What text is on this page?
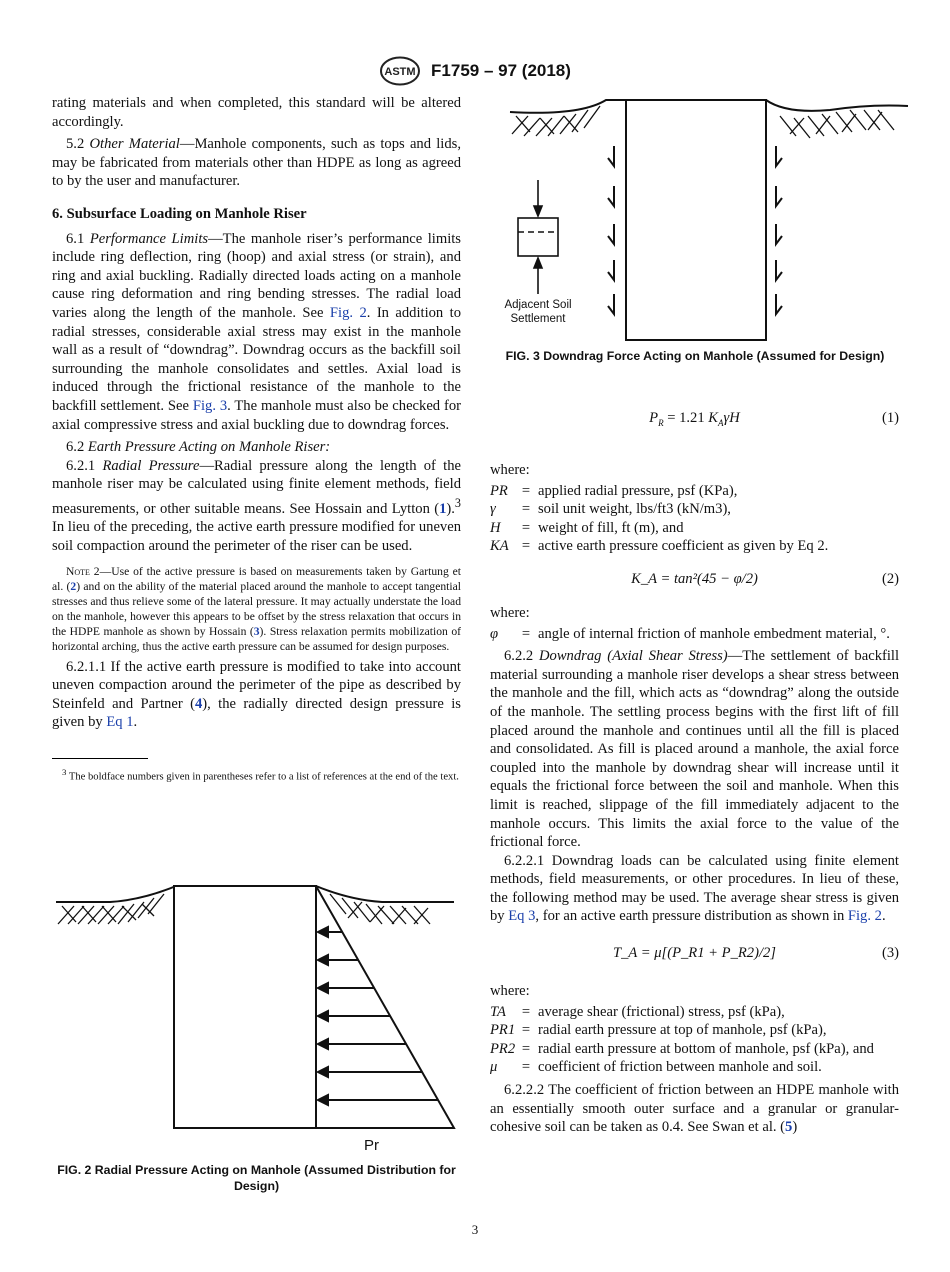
ASTM F1759 – 97 (2018)

rating materials and when completed, this standard will be altered accordingly.

5.2 Other Material—Manhole components, such as tops and lids, may be fabricated from materials other than HDPE as long as agreed to by the user and manufacturer.

6. Subsurface Loading on Manhole Riser

6.1 Performance Limits—The manhole riser’s performance limits include ring deflection, ring (hoop) and axial stress (or strain), and ring and axial buckling. Radially directed loads acting on a manhole cause ring deformation and ring bending stresses. The radial load varies along the length of the manhole. See Fig. 2. In addition to radial stresses, considerable axial stress may exist in the manhole wall as a result of “downdrag”. Downdrag occurs as the backfill soil surrounding the manhole consolidates and settles. Axial load is induced through the frictional resistance of the manhole to the backfill settlement. See Fig. 3. The manhole must also be checked for axial compressive stress and axial buckling due to downdrag forces.

6.2 Earth Pressure Acting on Manhole Riser:

6.2.1 Radial Pressure—Radial pressure along the length of the manhole riser may be calculated using finite element methods, field measurements, or other suitable means. See Hossain and Lytton (1).$^3$ In lieu of the preceding, the active earth pressure modified for uneven soil compaction around the perimeter of the riser can be used.

Note 2—Use of the active pressure is based on measurements taken by Gartung et al. (2) and on the ability of the material placed around the manhole to accept tangential stresses and thus relieve some of the lateral pressure. It may actually understate the load on the manhole, however this appears to be offset by the stress relaxation that occurs in the HDPE manhole as shown by Hossain (3). Stress relaxation permits mobilization of horizontal arching, thus the active earth pressure can be assumed for design purposes.

6.2.1.1 If the active earth pressure is modified to take into account uneven compaction around the perimeter of the pipe as described by Steinfeld and Partner (4), the radially directed design pressure is given by Eq 1.

$^3$ The boldface numbers given in parentheses refer to a list of references at the end of the text.

Pr
FIG. 2 Radial Pressure Acting on Manhole (Assumed Distribution for Design)
Adjacent Soil
Settlement
FIG. 3 Downdrag Force Acting on Manhole (Assumed for Design)
$P_R = 1.21$ $K_A\gamma H$	(1)

where:

PR = applied radial pressure, psf (KPa),
γ	= soil unit weight, lbs/ft3 (kN/m3),
H	= weight of fill, ft (m), and
KA = active earth pressure coefficient as given by Eq 2.
K_A = tan²(45 − φ/2)	(2)

where:

φ	= angle of internal friction of manhole embedment material, °.

6.2.2 Downdrag (Axial Shear Stress)—The settlement of backfill material surrounding a manhole riser develops a shear stress between the manhole and the fill, which acts as “downdrag” along the outside of the manhole. The settling process begins with the first lift of fill placed around the manhole and continues until all the fill is placed and consolidated. As fill is placed around a manhole, the axial force coupled into the manhole by downdrag shear will increase until it equals the frictional force between the soil and manhole. When this limit is reached, slippage of the fill immediately adjacent to the manhole occurs. This limits the axial force to the value of the frictional force.

6.2.2.1 Downdrag loads can be calculated using finite element methods, field measurements, or other procedures. In lieu of these, the following method may be used. The average shear stress is given by Eq 3, for an active earth pressure distribution as shown in Fig. 2.

T_A = μ[(P_R1 + P_R2)/2]	(3)

where:

TA	= average shear (frictional) stress, psf (kPa),
PR1 = radial earth pressure at top of manhole, psf (kPa),
PR2 = radial earth pressure at bottom of manhole, psf (kPa), and
μ	= coefficient of friction between manhole and soil.

6.2.2.2 The coefficient of friction between an HDPE manhole with an essentially smooth outer surface and a granular or granular-cohesive soil can be taken as 0.4. See Swan et al. (5)

3
